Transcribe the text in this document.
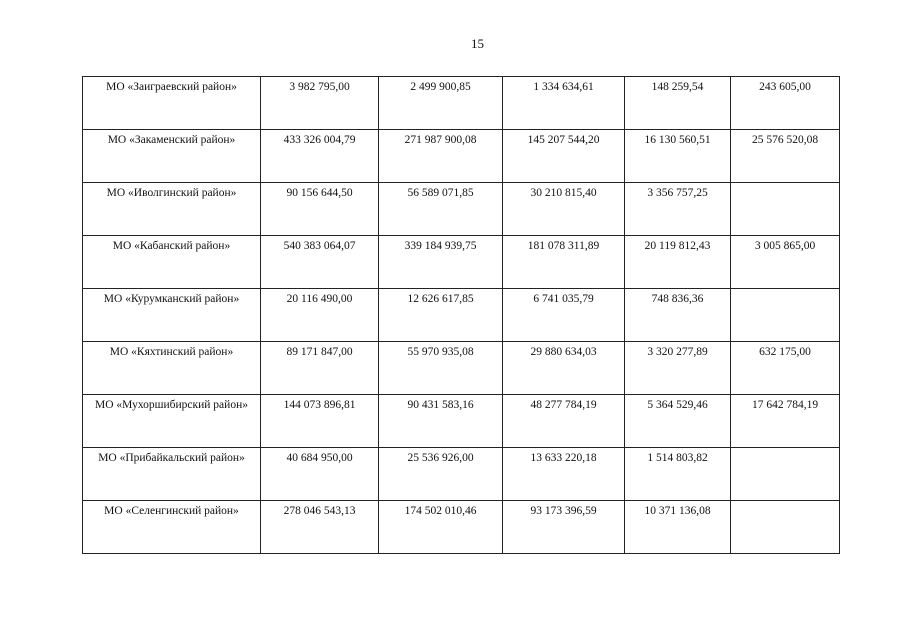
15
МО «Заиграевский район»	3 982 795,00	2 499 900,85	1 334 634,61	148 259,54	243 605,00
МО «Закаменский район»	433 326 004,79	271 987 900,08	145 207 544,20	16 130 560,51	25 576 520,08
МО «Иволгинский район»	90 156 644,50	56 589 071,85	30 210 815,40	3 356 757,25	
МО «Кабанский район»	540 383 064,07	339 184 939,75	181 078 311,89	20 119 812,43	3 005 865,00
МО «Курумканский район»	20 116 490,00	12 626 617,85	6 741 035,79	748 836,36	
МО «Кяхтинский район»	89 171 847,00	55 970 935,08	29 880 634,03	3 320 277,89	632 175,00
МО «Мухоршибирский район»	144 073 896,81	90 431 583,16	48 277 784,19	5 364 529,46	17 642 784,19
МО «Прибайкальский район»	40 684 950,00	25 536 926,00	13 633 220,18	1 514 803,82	
МО «Селенгинский район»	278 046 543,13	174 502 010,46	93 173 396,59	10 371 136,08	
